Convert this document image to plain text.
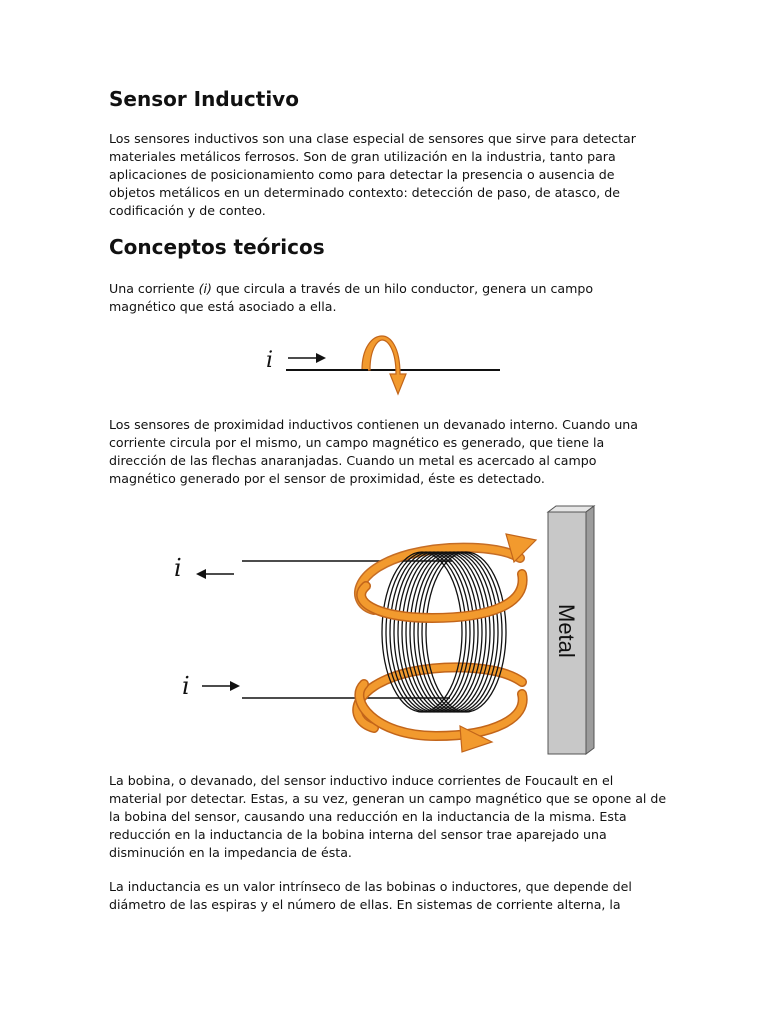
Sensor Inductivo

Los sensores inductivos son una clase especial de sensores que sirve para detectar
materiales metálicos ferrosos. Son de gran utilización en la industria, tanto para
aplicaciones de posicionamiento como para detectar la presencia o ausencia de
objetos metálicos en un determinado contexto: detección de paso, de atasco, de
codificación y de conteo.

Conceptos teóricos

Una corriente (i) que circula a través de un hilo conductor, genera un campo
magnético que está asociado a ella.

i

Los sensores de proximidad inductivos contienen un devanado interno. Cuando una
corriente circula por el mismo, un campo magnético es generado, que tiene la
dirección de las flechas anaranjadas. Cuando un metal es acercado al campo
magnético generado por el sensor de proximidad, éste es detectado.

i
i
Metal

La bobina, o devanado, del sensor inductivo induce corrientes de Foucault en el
material por detectar. Estas, a su vez, generan un campo magnético que se opone al de
la bobina del sensor, causando una reducción en la inductancia de la misma. Esta
reducción en la inductancia de la bobina interna del sensor trae aparejado una
disminución en la impedancia de ésta.

La inductancia es un valor intrínseco de las bobinas o inductores, que depende del
diámetro de las espiras y el número de ellas. En sistemas de corriente alterna, la
